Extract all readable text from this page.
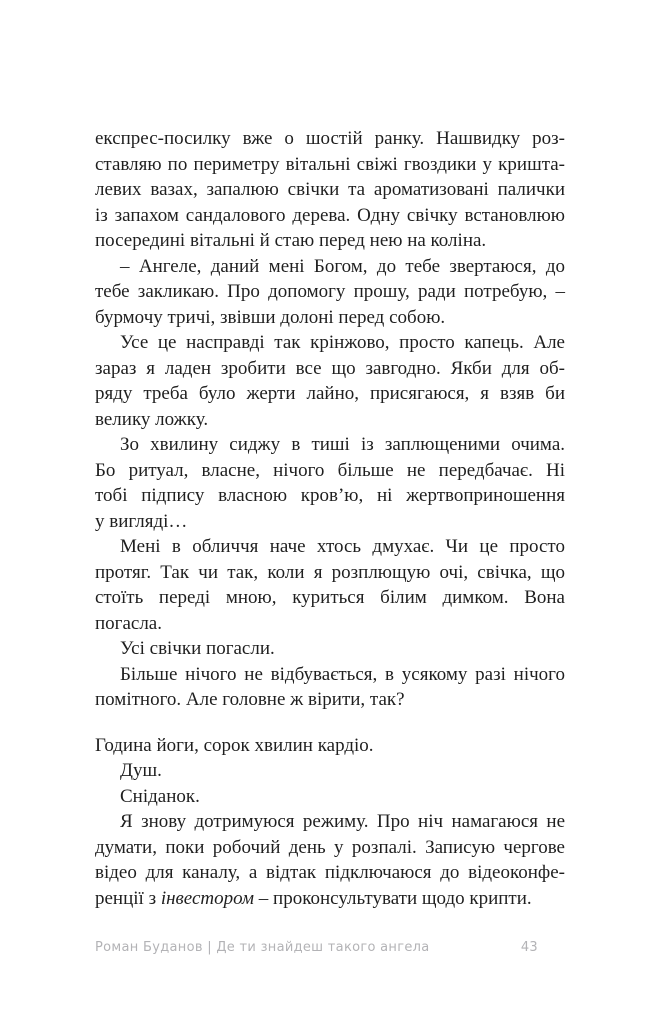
експрес-посилку вже о шостій ранку. Нашвидку роз-
ставляю по периметру вітальні свіжі гвоздики у кришта-
левих вазах, запалюю свічки та ароматизовані палички
із запахом сандалового дерева. Одну свічку встановлюю
посередині вітальні й стаю перед нею на коліна.
– Ангеле, даний мені Богом, до тебе звертаюся, до
тебе закликаю. Про допомогу прошу, ради потребую, –
бурмочу тричі, звівши долоні перед собою.
Усе це насправді так крінжово, просто капець. Але
зараз я ладен зробити все що завгодно. Якби для об-
ряду треба було жерти лайно, присягаюся, я взяв би
велику ложку.
Зо хвилину сиджу в тиші із заплющеними очима.
Бо ритуал, власне, нічого більше не передбачає. Ні
тобі підпису власною кров’ю, ні жертвоприношення
у вигляді…
Мені в обличчя наче хтось дмухає. Чи це просто
протяг. Так чи так, коли я розплющую очі, свічка, що
стоїть переді мною, куриться білим димком. Вона
погасла.
Усі свічки погасли.
Більше нічого не відбувається, в усякому разі нічого
помітного. Але головне ж вірити, так?
Година йоги, сорок хвилин кардіо.
Душ.
Сніданок.
Я знову дотримуюся режиму. Про ніч намагаюся не
думати, поки робочий день у розпалі. Записую чергове
відео для каналу, а відтак підключаюся до відеоконфе-
ренції з інвестором – проконсультувати щодо крипти.
Роман Буданов | Де ти знайдеш такого ангела	43
